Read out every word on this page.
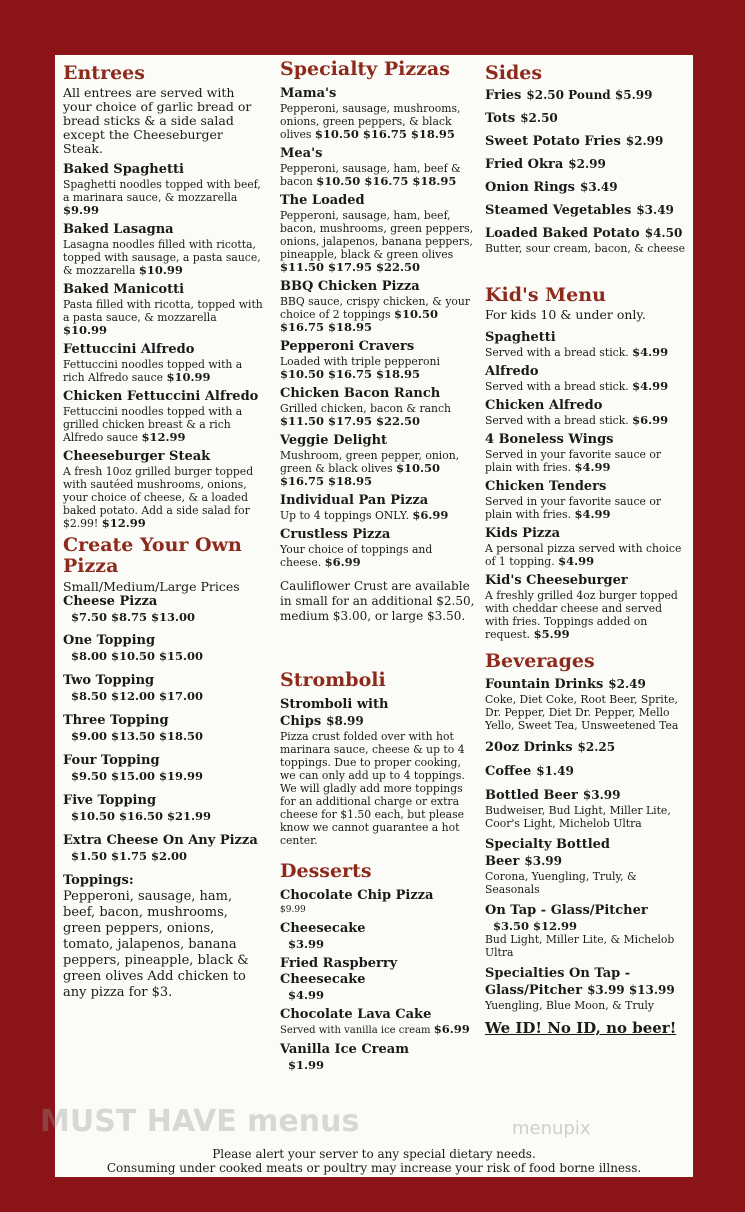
Entrees
All entrees are served with your choice of garlic bread or bread sticks & a side salad except the Cheeseburger Steak.
Baked Spaghetti
Spaghetti noodles topped with beef, a marinara sauce, & mozzarella $9.99
Baked Lasagna
Lasagna noodles filled with ricotta, topped with sausage, a pasta sauce, & mozzarella $10.99
Baked Manicotti
Pasta filled with ricotta, topped with a pasta sauce, & mozzarella $10.99
Fettuccini Alfredo
Fettuccini noodles topped with a rich Alfredo sauce $10.99
Chicken Fettuccini Alfredo
Fettuccini noodles topped with a grilled chicken breast & a rich Alfredo sauce $12.99
Cheeseburger Steak
A fresh 10oz grilled burger topped with sautéed mushrooms, onions, your choice of cheese, & a loaded baked potato. Add a side salad for $2.99! $12.99
Create Your Own Pizza
Small/Medium/Large Prices
Cheese Pizza
$7.50 $8.75 $13.00
One Topping
$8.00 $10.50 $15.00
Two Topping
$8.50 $12.00 $17.00
Three Topping
$9.00 $13.50 $18.50
Four Topping
$9.50 $15.00 $19.99
Five Topping
$10.50 $16.50 $21.99
Extra Cheese On Any Pizza
$1.50 $1.75 $2.00
Toppings:
Pepperoni, sausage, ham, beef, bacon, mushrooms, green peppers, onions, tomato, jalapenos, banana peppers, pineapple, black & green olives Add chicken to any pizza for $3.
Specialty Pizzas
Mama's
Pepperoni, sausage, mushrooms, onions, green peppers, & black olives $10.50 $16.75 $18.95
Mea's
Pepperoni, sausage, ham, beef & bacon $10.50 $16.75 $18.95
The Loaded
Pepperoni, sausage, ham, beef, bacon, mushrooms, green peppers, onions, jalapenos, banana peppers, pineapple, black & green olives $11.50 $17.95 $22.50
BBQ Chicken Pizza
BBQ sauce, crispy chicken, & your choice of 2 toppings $10.50 $16.75 $18.95
Pepperoni Cravers
Loaded with triple pepperoni $10.50 $16.75 $18.95
Chicken Bacon Ranch
Grilled chicken, bacon & ranch $11.50 $17.95 $22.50
Veggie Delight
Mushroom, green pepper, onion, green & black olives $10.50 $16.75 $18.95
Individual Pan Pizza
Up to 4 toppings ONLY. $6.99
Crustless Pizza
Your choice of toppings and cheese. $6.99
Cauliflower Crust are available in small for an additional $2.50, medium $3.00, or large $3.50.
Stromboli
Stromboli with Chips $8.99
Pizza crust folded over with hot marinara sauce, cheese & up to 4 toppings. Due to proper cooking, we can only add up to 4 toppings. We will gladly add more toppings for an additional charge or extra cheese for $1.50 each, but please know we cannot guarantee a hot center.
Desserts
Chocolate Chip Pizza
$9.99
Cheesecake
$3.99
Fried Raspberry Cheesecake
$4.99
Chocolate Lava Cake
Served with vanilla ice cream $6.99
Vanilla Ice Cream
$1.99
Sides
Fries $2.50 Pound $5.99
Tots $2.50
Sweet Potato Fries $2.99
Fried Okra $2.99
Onion Rings $3.49
Steamed Vegetables $3.49
Loaded Baked Potato $4.50
Butter, sour cream, bacon, & cheese
Kid's Menu
For kids 10 & under only.
Spaghetti
Served with a bread stick. $4.99
Alfredo
Served with a bread stick. $4.99
Chicken Alfredo
Served with a bread stick. $6.99
4 Boneless Wings
Served in your favorite sauce or plain with fries. $4.99
Chicken Tenders
Served in your favorite sauce or plain with fries. $4.99
Kids Pizza
A personal pizza served with choice of 1 topping. $4.99
Kid's Cheeseburger
A freshly grilled 4oz burger topped with cheddar cheese and served with fries. Toppings added on request. $5.99
Beverages
Fountain Drinks $2.49
Coke, Diet Coke, Root Beer, Sprite, Dr. Pepper, Diet Dr. Pepper, Mello Yello, Sweet Tea, Unsweetened Tea
20oz Drinks $2.25
Coffee $1.49
Bottled Beer $3.99
Budweiser, Bud Light, Miller Lite, Coor's Light, Michelob Ultra
Specialty Bottled Beer $3.99
Corona, Yuengling, Truly, & Seasonals
On Tap - Glass/Pitcher
$3.50 $12.99
Bud Light, Miller Lite, & Michelob Ultra
Specialties On Tap - Glass/Pitcher $3.99 $13.99
Yuengling, Blue Moon, & Truly
We ID! No ID, no beer!
Please alert your server to any special dietary needs.
Consuming under cooked meats or poultry may increase your risk of food borne illness.
MUST HAVE menus	menupix
